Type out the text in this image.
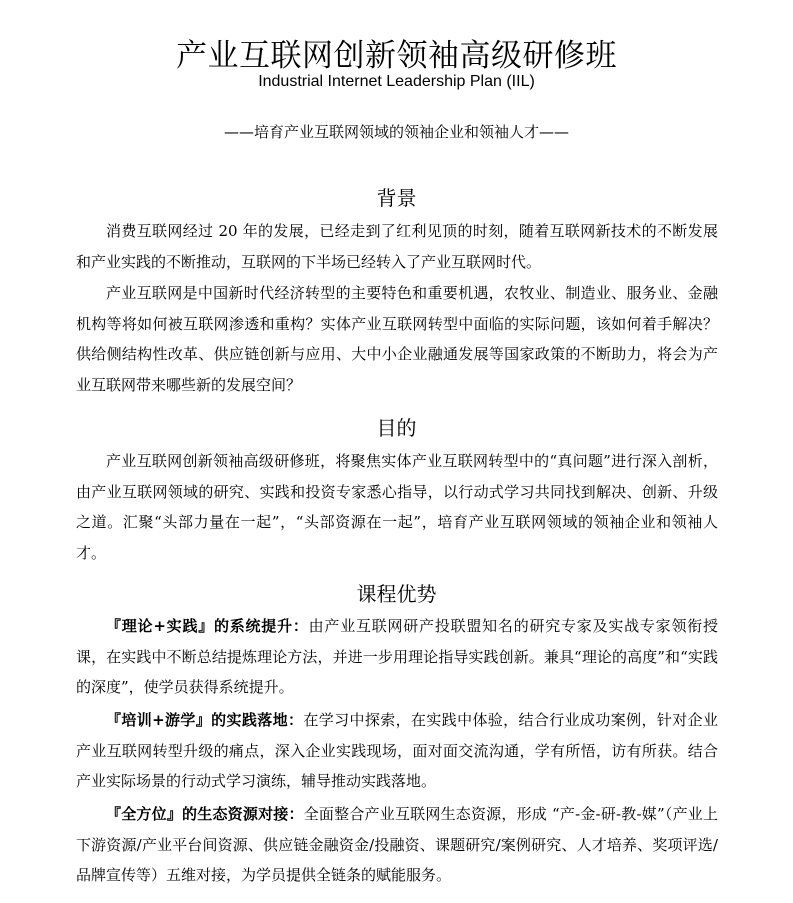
产业互联网创新领袖高级研修班
Industrial Internet Leadership Plan (IIL)
——培育产业互联网领域的领袖企业和领袖人才——
背景
消费互联网经过 20 年的发展，已经走到了红利见顶的时刻，随着互联网新技术的不断发展和产业实践的不断推动，互联网的下半场已经转入了产业互联网时代。
产业互联网是中国新时代经济转型的主要特色和重要机遇，农牧业、制造业、服务业、金融机构等将如何被互联网渗透和重构？实体产业互联网转型中面临的实际问题，该如何着手解决？供给侧结构性改革、供应链创新与应用、大中小企业融通发展等国家政策的不断助力，将会为产业互联网带来哪些新的发展空间？
目的
产业互联网创新领袖高级研修班，将聚焦实体产业互联网转型中的“真问题”进行深入剖析，由产业互联网领域的研究、实践和投资专家悉心指导，以行动式学习共同找到解决、创新、升级之道。汇聚“头部力量在一起”，“头部资源在一起”，培育产业互联网领域的领袖企业和领袖人才。
课程优势
『理论+实践』的系统提升：由产业互联网研产投联盟知名的研究专家及实战专家领衔授课，在实践中不断总结提炼理论方法，并进一步用理论指导实践创新。兼具“理论的高度”和“实践的深度”，使学员获得系统提升。
『培训+游学』的实践落地：在学习中探索，在实践中体验，结合行业成功案例，针对企业产业互联网转型升级的痛点，深入企业实践现场，面对面交流沟通，学有所悟，访有所获。结合产业实际场景的行动式学习演练，辅导推动实践落地。
『全方位』的生态资源对接：全面整合产业互联网生态资源，形成 “产-金-研-教-媒”（产业上下游资源/产业平台间资源、供应链金融资金/投融资、课题研究/案例研究、人才培养、奖项评选/品牌宣传等）五维对接，为学员提供全链条的赋能服务。
